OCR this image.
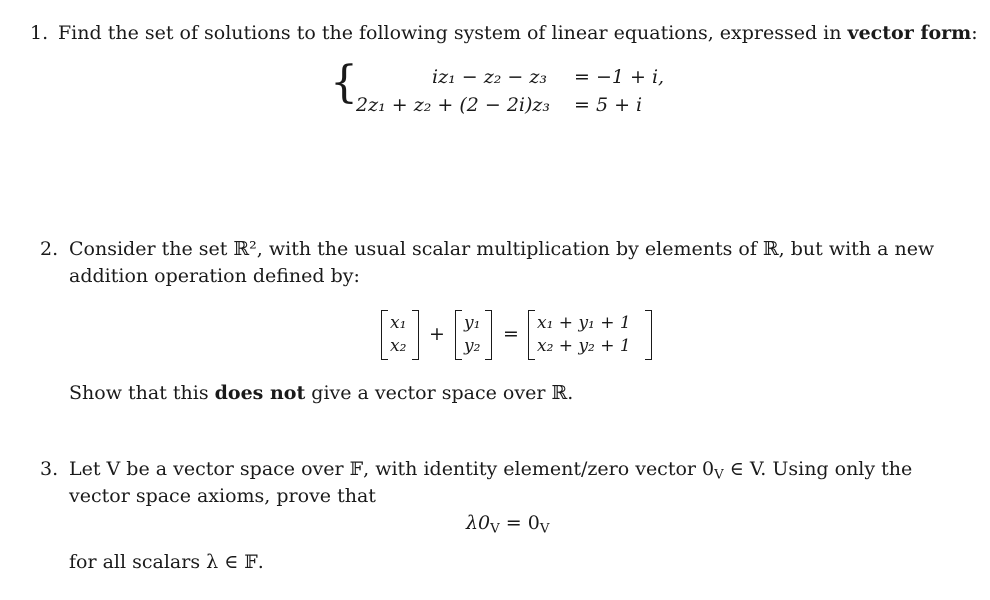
1. Find the set of solutions to the following system of linear equations, expressed in vector form:
{	iz₁ − z₂ − z₃ = −1 + i,
2z₁ + z₂ + (2 − 2i)z₃ = 5 + i
2. Consider the set ℝ², with the usual scalar multiplication by elements of ℝ, but with a new
addition operation defined by:
x₁
x₂
+ y₁
y₂
= x₁ + y₁ + 1
x₂ + y₂ + 1
Show that this does not give a vector space over ℝ.
3. Let V be a vector space over 𝔽, with identity element/zero vector $0_V$ ∈ V. Using only the
vector space axioms, prove that
$\lambda 0_V = 0_V$
for all scalars λ ∈ 𝔽.
